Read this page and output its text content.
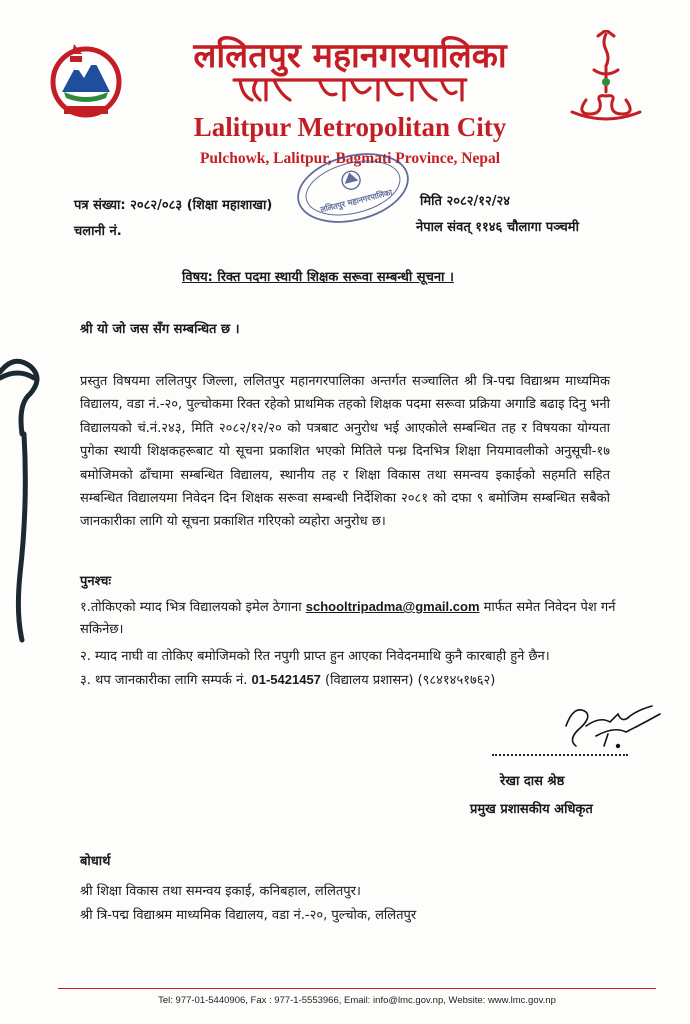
ललितपुर महानगरपालिका
Lalitpur Metropolitan City
Pulchowk, Lalitpur, Bagmati Province, Nepal
ललितपुर महानगरपालिका
पत्र संख्या: २०८२/०८३ (शिक्षा महाशाखा)	मिति २०८२/१२/२४
चलानी नं.	नेपाल संवत् ११४६ चौलागा पञ्चमी
विषय: रिक्त पदमा स्थायी शिक्षक सरूवा सम्बन्धी सूचना ।
श्री यो जो जस सँग सम्बन्धित छ ।
प्रस्तुत विषयमा ललितपुर जिल्ला, ललितपुर महानगरपालिका अन्तर्गत सञ्चालित श्री त्रि-पद्म विद्याश्रम माध्यमिक विद्यालय, वडा नं.-२०, पुल्चोकमा रिक्त रहेको प्राथमिक तहको शिक्षक पदमा सरूवा प्रक्रिया अगाडि बढाइ दिनु भनी विद्यालयको चं.नं.२४३, मिति २०८२/१२/२० को पत्रबाट अनुरोध भई आएकोले सम्बन्धित तह र विषयका योग्यता पुगेका स्थायी शिक्षकहरूबाट यो सूचना प्रकाशित भएको मितिले पन्ध्र दिनभित्र शिक्षा नियमावलीको अनुसूची-१७ बमोजिमको ढाँचामा सम्बन्धित विद्यालय, स्थानीय तह र शिक्षा विकास तथा समन्वय इकाईको सहमति सहित सम्बन्धित विद्यालयमा निवेदन दिन शिक्षक सरूवा सम्बन्धी निर्देशिका २०८१ को दफा ९ बमोजिम सम्बन्धित सबैको जानकारीका लागि यो सूचना प्रकाशित गरिएको व्यहोरा अनुरोध छ।
पुनश्चः
१.तोकिएको म्याद भित्र विद्यालयको इमेल ठेगाना schooltripadma@gmail.com मार्फत समेत निवेदन पेश गर्न सकिनेछ।
२. म्याद नाघी वा तोकिए बमोजिमको रित नपुगी प्राप्त हुन आएका निवेदनमाथि कुनै कारबाही हुने छैन।
३. थप जानकारीका लागि सम्पर्क नं. 01-5421457 (विद्यालय प्रशासन) (९८४१४५१७६२)
रेखा दास श्रेष्ठ
प्रमुख प्रशासकीय अधिकृत
बोधार्थ
श्री शिक्षा विकास तथा समन्वय इकाई, कनिबहाल, ललितपुर।
श्री त्रि-पद्म विद्याश्रम माध्यमिक विद्यालय, वडा नं.-२०, पुल्चोक, ललितपुर
Tel: 977-01-5440906, Fax : 977-1-5553966, Email: info@lmc.gov.np, Website: www.lmc.gov.np
